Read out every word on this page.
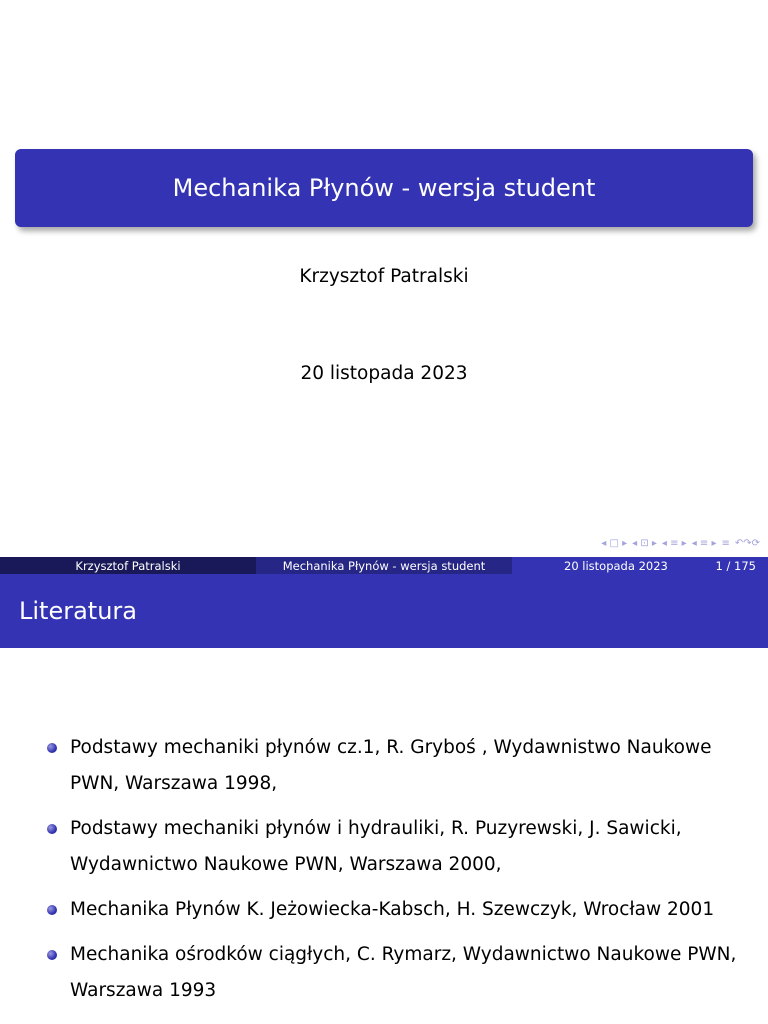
Mechanika Płynów - wersja student
Krzysztof Patralski
20 listopada 2023
◂ □ ▸ ◂ ⊡ ▸ ◂ ≡ ▸ ◂ ≡ ▸ ≡ ↶↷⟳
Krzysztof Patralski	Mechanika Płynów - wersja student	20 listopada 2023	1 / 175
Literatura
Podstawy mechaniki płynów cz.1, R. Gryboś , Wydawnistwo Naukowe PWN, Warszawa 1998,
Podstawy mechaniki płynów i hydrauliki, R. Puzyrewski, J. Sawicki, Wydawnictwo Naukowe PWN, Warszawa 2000,
Mechanika Płynów K. Jeżowiecka-Kabsch, H. Szewczyk, Wrocław 2001
Mechanika ośrodków ciągłych, C. Rymarz, Wydawnictwo Naukowe PWN, Warszawa 1993
